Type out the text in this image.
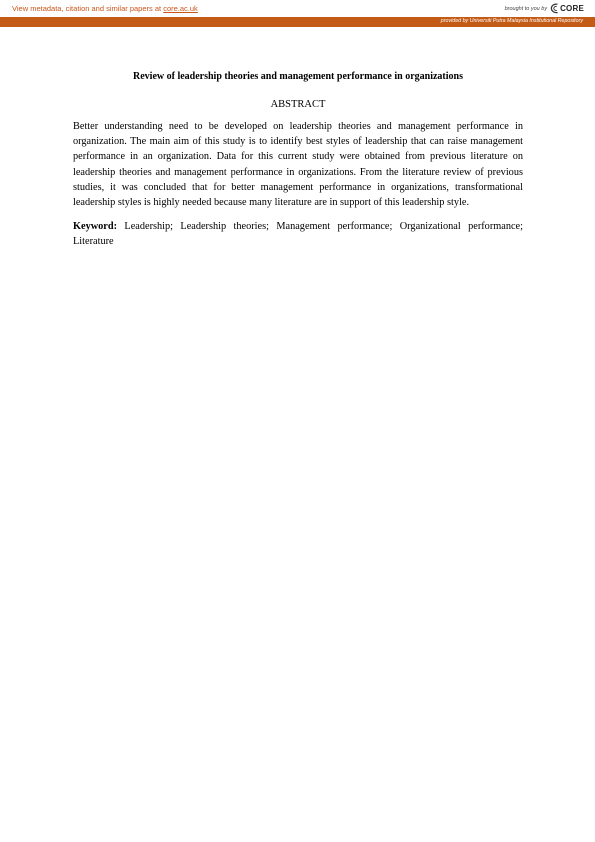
View metadata, citation and similar papers at core.ac.uk	brought to you by CORE
provided by Universiti Putra Malaysia Institutional Repository

Review of leadership theories and management performance in organizations

ABSTRACT

Better understanding need to be developed on leadership theories and management performance in organization. The main aim of this study is to identify best styles of leadership that can raise management performance in an organization. Data for this current study were obtained from previous literature on leadership theories and management performance in organizations. From the literature review of previous studies, it was concluded that for better management performance in organizations, transformational leadership styles is highly needed because many literature are in support of this leadership style.

Keyword: Leadership; Leadership theories; Management performance; Organizational performance; Literature
